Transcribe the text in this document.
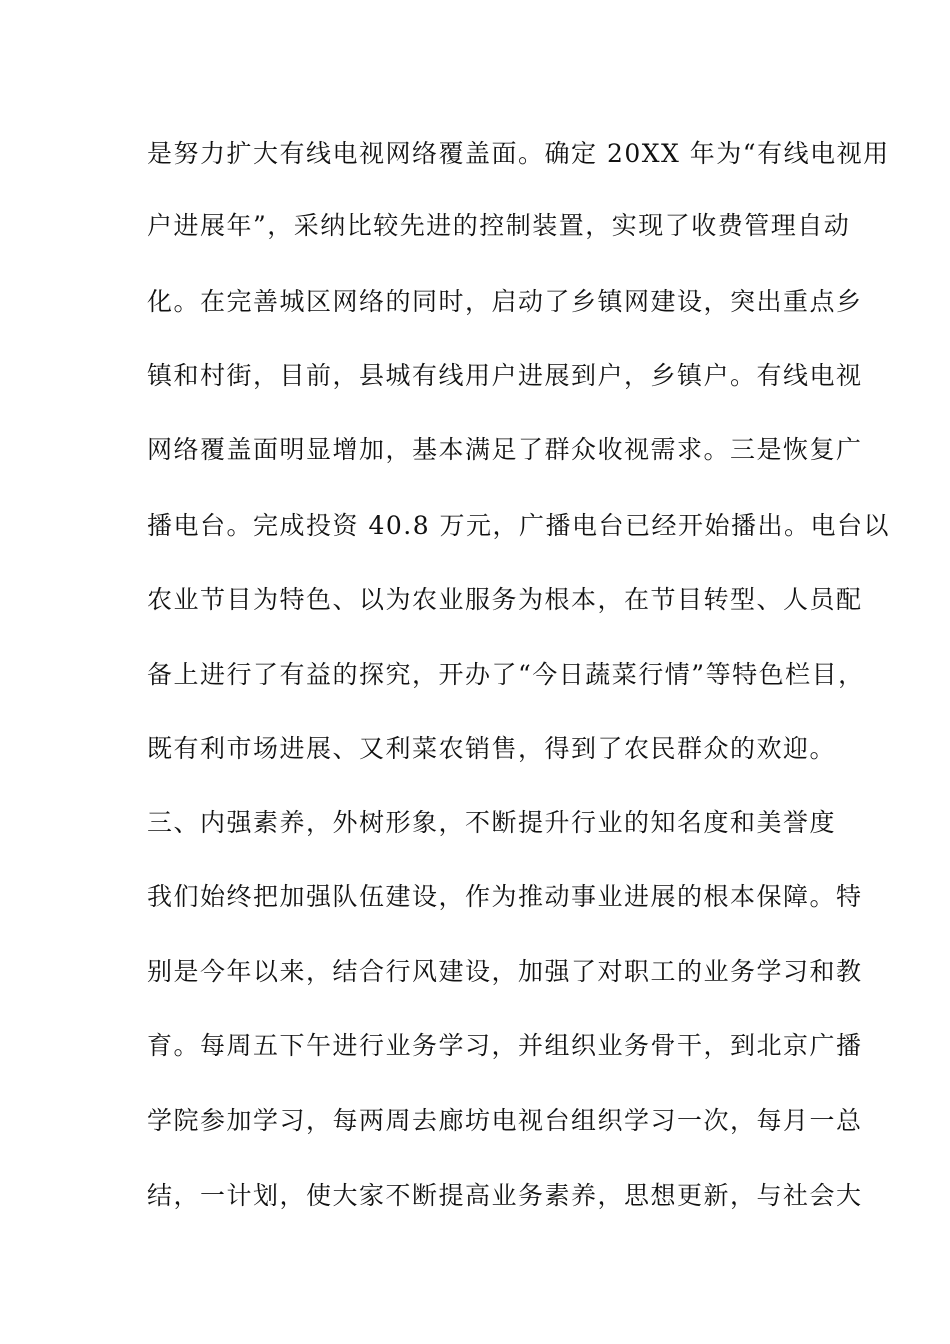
是努力扩大有线电视网络覆盖面。确定 20XX 年为“有线电视用
户进展年”，采纳比较先进的控制装置，实现了收费管理自动
化。在完善城区网络的同时，启动了乡镇网建设，突出重点乡
镇和村街，目前，县城有线用户进展到户，乡镇户。有线电视
网络覆盖面明显增加，基本满足了群众收视需求。三是恢复广
播电台。完成投资 40.8 万元，广播电台已经开始播出。电台以
农业节目为特色、以为农业服务为根本，在节目转型、人员配
备上进行了有益的探究，开办了“今日蔬菜行情”等特色栏目，
既有利市场进展、又利菜农销售，得到了农民群众的欢迎。
三、内强素养，外树形象，不断提升行业的知名度和美誉度
我们始终把加强队伍建设，作为推动事业进展的根本保障。特
别是今年以来，结合行风建设，加强了对职工的业务学习和教
育。每周五下午进行业务学习，并组织业务骨干，到北京广播
学院参加学习，每两周去廊坊电视台组织学习一次，每月一总
结，一计划，使大家不断提高业务素养，思想更新，与社会大
